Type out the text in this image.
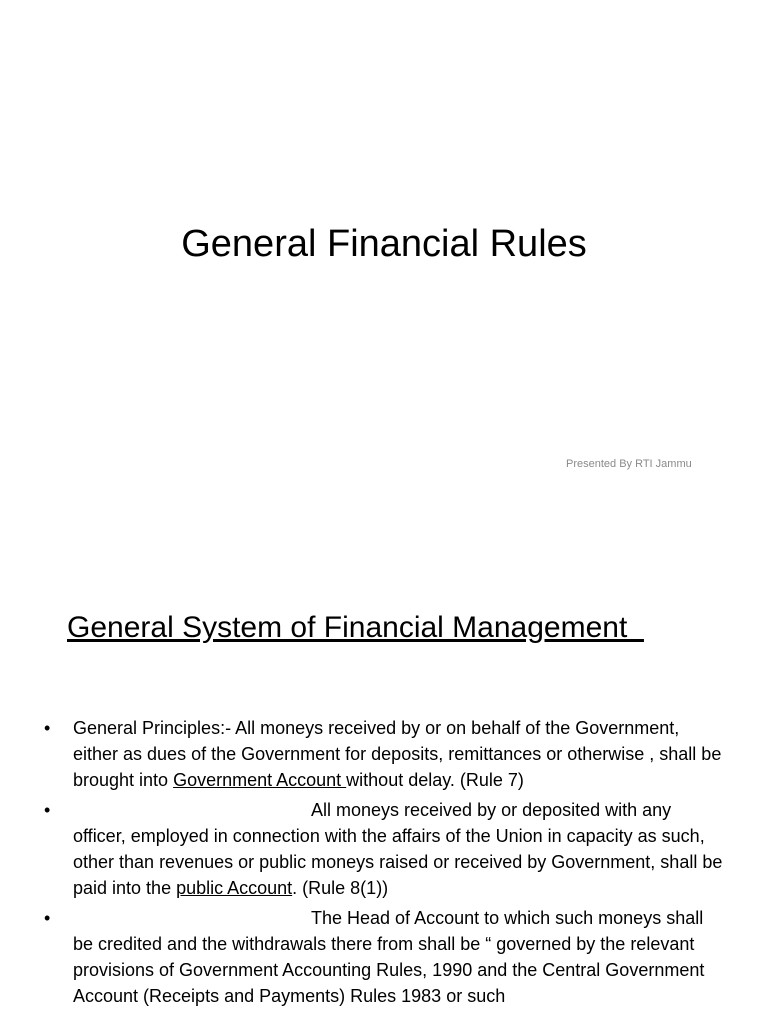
General Financial Rules
Presented By RTI Jammu
General System of Financial Management
• General Principles:- All moneys received by or on behalf of the Government, either as dues of the Government for deposits, remittances or otherwise , shall be brought into Government Account without delay. (Rule 7)
•	All moneys received by or deposited with any officer, employed in connection with the affairs of the Union in capacity as such, other than revenues or public moneys raised or received by Government, shall be paid into the public Account. (Rule 8(1))
•	The Head of Account to which such moneys shall be credited and the withdrawals there from shall be “ governed by the relevant provisions of Government Accounting Rules, 1990 and the Central Government Account (Receipts and Payments) Rules 1983 or such
